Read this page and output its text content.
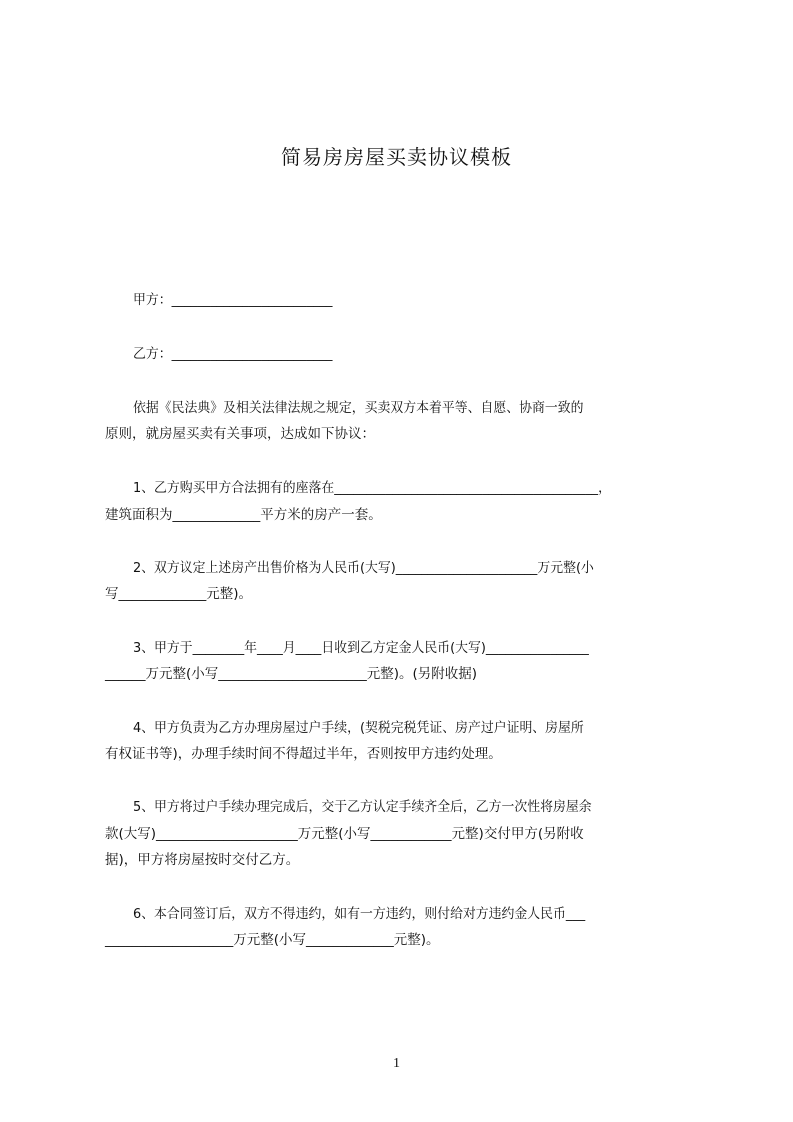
简易房房屋买卖协议模板
甲方：_________________________
乙方：_________________________
依据《民法典》及相关法律法规之规定，买卖双方本着平等、自愿、协商一致的
原则，就房屋买卖有关事项，达成如下协议：
1、乙方购买甲方合法拥有的座落在_________________________________________，
建筑面积为_____________平方米的房产一套。
2、双方议定上述房产出售价格为人民币(大写)______________________万元整(小
写_____________元整)。
3、甲方于________年____月____日收到乙方定金人民币(大写)________________
______万元整(小写______________________元整)。(另附收据)
4、甲方负责为乙方办理房屋过户手续，(契税完税凭证、房产过户证明、房屋所
有权证书等)，办理手续时间不得超过半年，否则按甲方违约处理。
5、甲方将过户手续办理完成后，交于乙方认定手续齐全后，乙方一次性将房屋余
款(大写)_____________________万元整(小写____________元整)交付甲方(另附收
据)，甲方将房屋按时交付乙方。
6、本合同签订后，双方不得违约，如有一方违约，则付给对方违约金人民币___
___________________万元整(小写_____________元整)。
1
